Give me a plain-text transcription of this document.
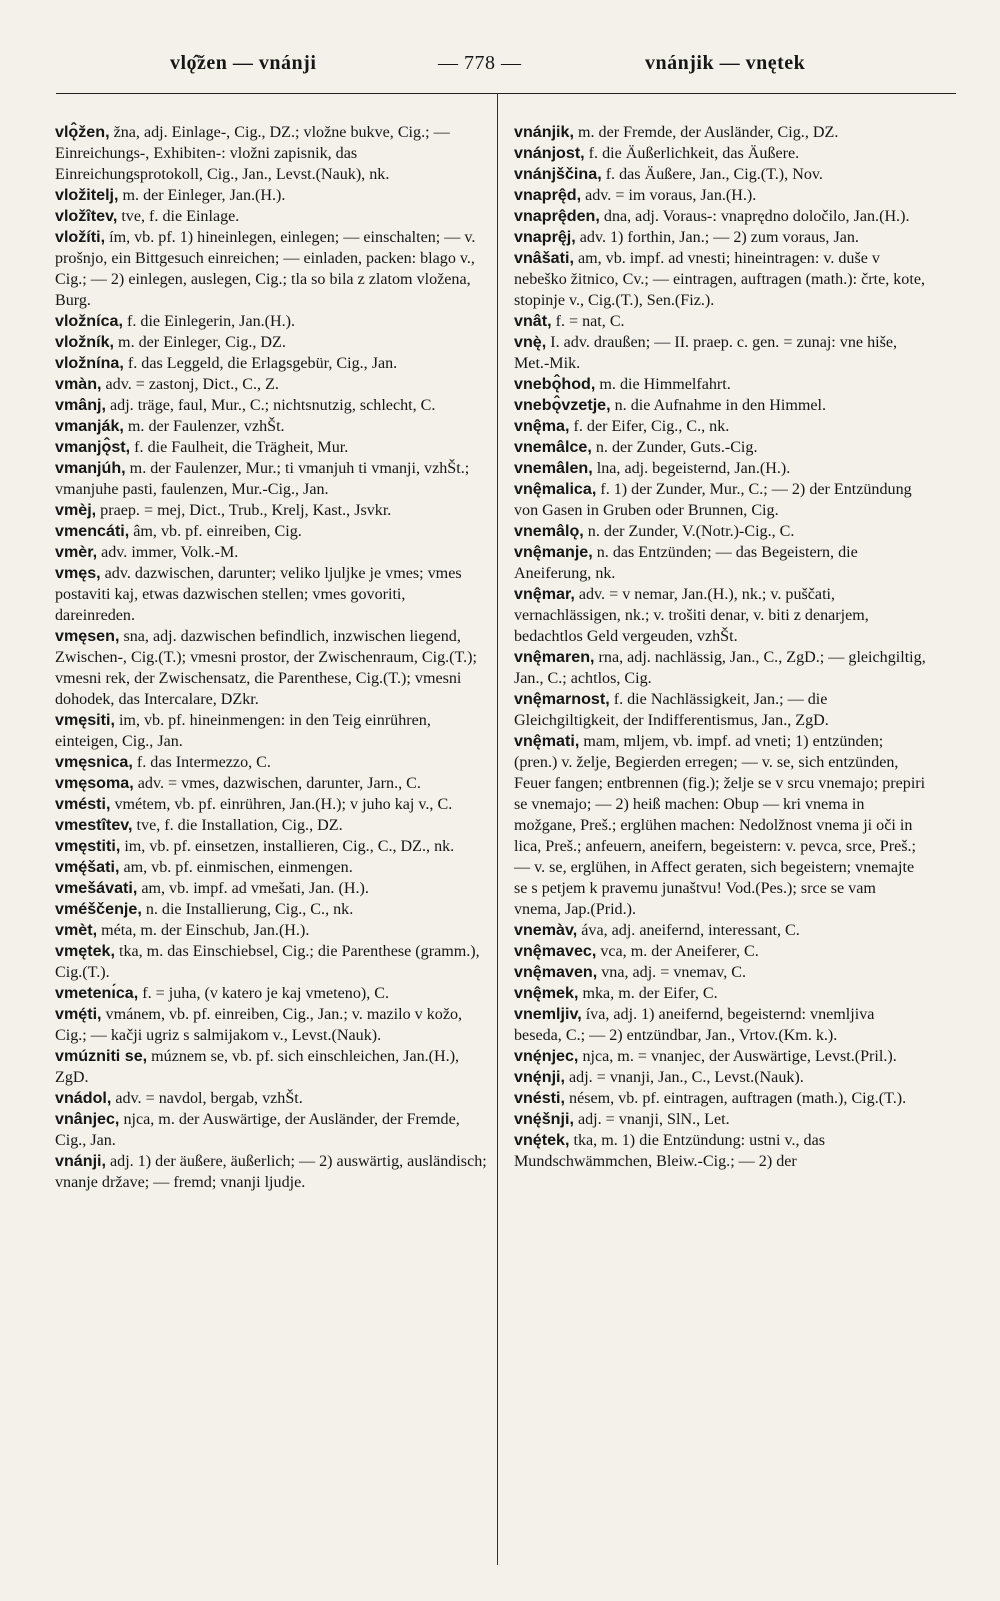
vlǫ̂žen — vnánji	— 778 —	vnánjik — vnętek

vlǫ̂žen, žna, adj. Einlage-, Cig., DZ.; vložne bukve, Cig.; — Einreichungs-, Exhibiten-: vložni zapisnik, das Einreichungsprotokoll, Cig., Jan., Levst.(Nauk), nk.

vložitelj, m. der Einleger, Jan.(H.).

vložîtev, tve, f. die Einlage.

vložíti, ím, vb. pf. 1) hineinlegen, einlegen; — einschalten; — v. prošnjo, ein Bittgesuch einreichen; — einladen, packen: blago v., Cig.; — 2) einlegen, auslegen, Cig.; tla so bila z zlatom vložena, Burg.

vložníca, f. die Einlegerin, Jan.(H.).

vložník, m. der Einleger, Cig., DZ.

vložnína, f. das Leggeld, die Erlagsgebür, Cig., Jan.

vmàn, adv. = zastonj, Dict., C., Z.

vmânj, adj. träge, faul, Mur., C.; nichtsnutzig, schlecht, C.

vmanják, m. der Faulenzer, vzhŠt.

vmanjǫ̂st, f. die Faulheit, die Trägheit, Mur.

vmanjúh, m. der Faulenzer, Mur.; ti vmanjuh ti vmanji, vzhŠt.; vmanjuhe pasti, faulenzen, Mur.-Cig., Jan.

vmèj, praep. = mej, Dict., Trub., Krelj, Kast., Jsvkr.

vmencáti, âm, vb. pf. einreiben, Cig.

vmèr, adv. immer, Volk.-M.

vmęs, adv. dazwischen, darunter; veliko ljuljke je vmes; vmes postaviti kaj, etwas dazwischen stellen; vmes govoriti, dareinreden.

vmęsen, sna, adj. dazwischen befindlich, inzwischen liegend, Zwischen-, Cig.(T.); vmesni prostor, der Zwischenraum, Cig.(T.); vmesni rek, der Zwischensatz, die Parenthese, Cig.(T.); vmesni dohodek, das Intercalare, DZkr.

vmęsiti, im, vb. pf. hineinmengen: in den Teig einrühren, einteigen, Cig., Jan.

vmęsnica, f. das Intermezzo, C.

vmęsoma, adv. = vmes, dazwischen, darunter, Jarn., C.

vmésti, vmétem, vb. pf. einrühren, Jan.(H.); v juho kaj v., C.

vmestîtev, tve, f. die Installation, Cig., DZ.

vmęstiti, im, vb. pf. einsetzen, installieren, Cig., C., DZ., nk.

vmę́šati, am, vb. pf. einmischen, einmengen.

vmešávati, am, vb. impf. ad vmešati, Jan. (H.).

vméščenje, n. die Installierung, Cig., C., nk.

vmèt, méta, m. der Einschub, Jan.(H.).

vmętek, tka, m. das Einschiebsel, Cig.; die Parenthese (gramm.), Cig.(T.).

vmetenı́ca, f. = juha, (v katero je kaj vmeteno), C.

vmę́ti, vmánem, vb. pf. einreiben, Cig., Jan.; v. mazilo v kožo, Cig.; — kačji ugriz s salmijakom v., Levst.(Nauk).

vmúzniti se, múznem se, vb. pf. sich einschleichen, Jan.(H.), ZgD.

vnádol, adv. = navdol, bergab, vzhŠt.

vnânjec, njca, m. der Auswärtige, der Ausländer, der Fremde, Cig., Jan.

vnánji, adj. 1) der äußere, äußerlich; — 2) auswärtig, ausländisch; vnanje države; — fremd; vnanji ljudje.

vnánjik, m. der Fremde, der Ausländer, Cig., DZ.

vnánjost, f. die Äußerlichkeit, das Äußere.

vnánjščina, f. das Äußere, Jan., Cig.(T.), Nov.

vnaprę̂d, adv. = im voraus, Jan.(H.).

vnaprę̂den, dna, adj. Voraus-: vnaprędno določilo, Jan.(H.).

vnaprę̂j, adv. 1) forthin, Jan.; — 2) zum voraus, Jan.

vnâšati, am, vb. impf. ad vnesti; hineintragen: v. duše v nebeško žitnico, Cv.; — eintragen, auftragen (math.): črte, kote, stopinje v., Cig.(T.), Sen.(Fiz.).

vnât, f. = nat, C.

vnę̀, I. adv. draußen; — II. praep. c. gen. = zunaj: vne hiše, Met.-Mik.

vnebǫ̂hod, m. die Himmelfahrt.

vnebǫ̂vzetje, n. die Aufnahme in den Himmel.

vnę̂ma, f. der Eifer, Cig., C., nk.

vnemâlce, n. der Zunder, Guts.-Cig.

vnemâlen, lna, adj. begeisternd, Jan.(H.).

vnę̂malica, f. 1) der Zunder, Mur., C.; — 2) der Entzündung von Gasen in Gruben oder Brunnen, Cig.

vnemâlǫ, n. der Zunder, V.(Notr.)-Cig., C.

vnę̂manje, n. das Entzünden; — das Begeistern, die Aneiferung, nk.

vnę̂mar, adv. = v nemar, Jan.(H.), nk.; v. puščati, vernachlässigen, nk.; v. trošiti denar, v. biti z denarjem, bedachtlos Geld vergeuden, vzhŠt.

vnę̂maren, rna, adj. nachlässig, Jan., C., ZgD.; — gleichgiltig, Jan., C.; achtlos, Cig.

vnę̂marnost, f. die Nachlässigkeit, Jan.; — die Gleichgiltigkeit, der Indifferentismus, Jan., ZgD.

vnę̂mati, mam, mljem, vb. impf. ad vneti; 1) entzünden; (pren.) v. želje, Begierden erregen; — v. se, sich entzünden, Feuer fangen; entbrennen (fig.); želje se v srcu vnemajo; prepiri se vnemajo; — 2) heiß machen: Obup — kri vnema in možgane, Preš.; erglühen machen: Nedolžnost vnema ji oči in lica, Preš.; anfeuern, aneifern, begeistern: v. pevca, srce, Preš.; — v. se, erglühen, in Affect geraten, sich begeistern; vnemajte se s petjem k pravemu junaštvu! Vod.(Pes.); srce se vam vnema, Jap.(Prid.).

vnemàv, áva, adj. aneifernd, interessant, C.

vnę̂mavec, vca, m. der Aneiferer, C.

vnę̂maven, vna, adj. = vnemav, C.

vnę̂mek, mka, m. der Eifer, C.

vnemljiv, íva, adj. 1) aneifernd, begeisternd: vnemljiva beseda, C.; — 2) entzündbar, Jan., Vrtov.(Km. k.).

vnę́njec, njca, m. = vnanjec, der Auswärtige, Levst.(Pril.).

vnę́nji, adj. = vnanji, Jan., C., Levst.(Nauk).

vnésti, nésem, vb. pf. eintragen, auftragen (math.), Cig.(T.).

vnę́šnji, adj. = vnanji, SlN., Let.

vnę́tek, tka, m. 1) die Entzündung: ustni v., das Mundschwämmchen, Bleiw.-Cig.; — 2) der
